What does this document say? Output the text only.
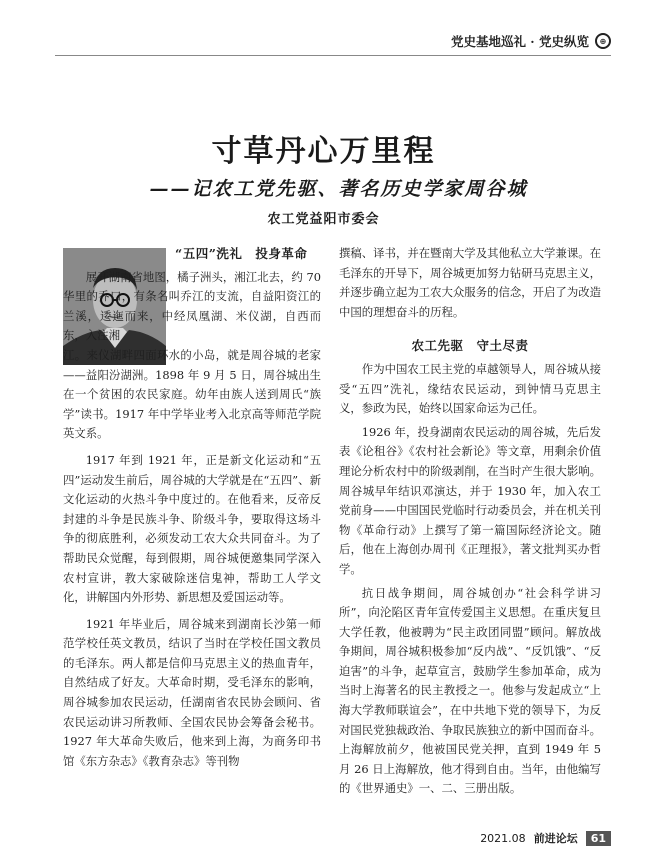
党史基地巡礼 · 党史纵览	⊕
寸草丹心万里程
——记农工党先驱、著名历史学家周谷城
农工党益阳市委会
“五四”洗礼　投身革命

展开湖南省地图，橘子洲头，湘江北去，约 70 华里的乔口，有条名叫乔江的支流，自益阳资江的兰溪，逶迤而来，中经凤凰湖、米仪湖，自西而东，入注湘

江。来仪湖畔四面环水的小岛，就是周谷城的老家——益阳汾湖洲。1898 年 9 月 5 日，周谷城出生在一个贫困的农民家庭。幼年由族人送到周氏“族学”读书。1917 年中学毕业考入北京高等师范学院英文系。

1917 年到 1921 年，正是新文化运动和“五四”运动发生前后，周谷城的大学就是在“五四”、新文化运动的火热斗争中度过的。在他看来，反帝反封建的斗争是民族斗争、阶级斗争，要取得这场斗争的彻底胜利，必须发动工农大众共同奋斗。为了帮助民众觉醒，每到假期，周谷城便邀集同学深入农村宣讲，教大家破除迷信鬼神，帮助工人学文化，讲解国内外形势、新思想及爱国运动等。

1921 年毕业后，周谷城来到湖南长沙第一师范学校任英文教员，结识了当时在学校任国文教员的毛泽东。两人都是信仰马克思主义的热血青年，自然结成了好友。大革命时期，受毛泽东的影响，周谷城参加农民运动，任湖南省农民协会顾问、省农民运动讲习所教师、全国农民协会筹备会秘书。1927 年大革命失败后，他来到上海，为商务印书馆《东方杂志》《教育杂志》等刊物

撰稿、译书，并在暨南大学及其他私立大学兼课。在毛泽东的开导下，周谷城更加努力钻研马克思主义，并逐步确立起为工农大众服务的信念，开启了为改造中国的理想奋斗的历程。

农工先驱　守土尽责

作为中国农工民主党的卓越领导人，周谷城从接受“五四”洗礼，缘结农民运动，到钟情马克思主义，参政为民，始终以国家命运为己任。

1926 年，投身湖南农民运动的周谷城，先后发表《论租谷》《农村社会新论》等文章，用剩余价值理论分析农村中的阶级剥削，在当时产生很大影响。周谷城早年结识邓演达，并于 1930 年，加入农工党前身——中国国民党临时行动委员会，并在机关刊物《革命行动》上撰写了第一篇国际经济论文。随后，他在上海创办周刊《正理报》，著文批判买办哲学。

抗日战争期间，周谷城创办“社会科学讲习所”，向沦陷区青年宣传爱国主义思想。在重庆复旦大学任教，他被聘为“民主政团同盟”顾问。解放战争期间，周谷城积极参加“反内战”、“反饥饿”、“反迫害”的斗争，起草宣言，鼓励学生参加革命，成为当时上海著名的民主教授之一。他参与发起成立“上海大学教师联谊会”，在中共地下党的领导下，为反对国民党独裁政治、争取民族独立的新中国而奋斗。上海解放前夕，他被国民党关押，直到 1949 年 5 月 26 日上海解放，他才得到自由。当年，由他编写的《世界通史》一、二、三册出版。

2021.08 前进论坛	61
